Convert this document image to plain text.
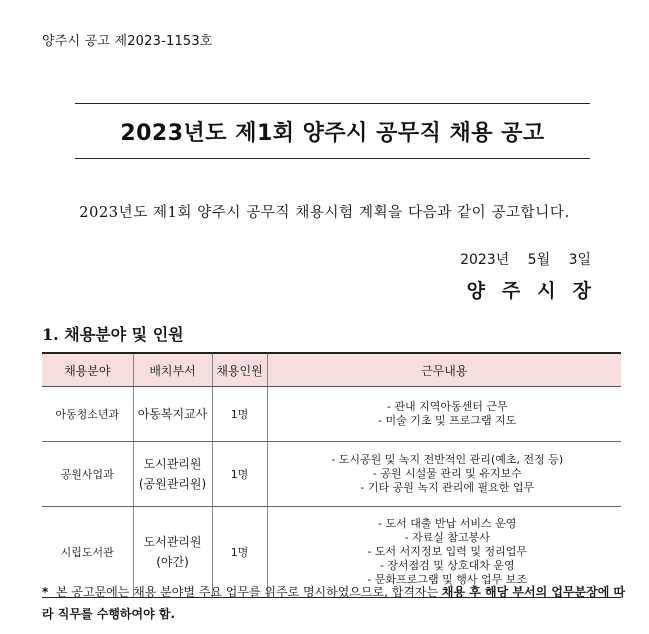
양주시 공고 제2023-1153호
2023년도 제1회 양주시 공무직 채용 공고
2023년도 제1회 양주시 공무직 채용시험 계획을 다음과 같이 공고합니다.
2023년 5월 3일
양주시장
1. 채용분야 및 인원
채용분야	배치부서	채용인원	근무내용
아동청소년과	아동복지교사	1명	- 관내 지역아동센터 근무
- 미술 기초 및 프로그램 지도

공원사업과	도시관리원
(공원관리원)	1명	- 도시공원 및 녹지 전반적인 관리(예초, 전정 등)
- 공원 시설물 관리 및 유지보수
- 기타 공원 녹지 관리에 필요한 업무

시립도서관	도서관리원
(야간)	1명	- 도서 대출 반납 서비스 운영
- 자료실 참고봉사
- 도서 서지정보 입력 및 정리업무
- 장서점검 및 상호대차 운영
- 문화프로그램 및 행사 업무 보조
* 본 공고문에는 채용 분야별 주요 업무를 위주로 명시하였으므로, 합격자는 채용 후 해당 부서의 업무분장에 따라 직무를 수행하여야 함.
